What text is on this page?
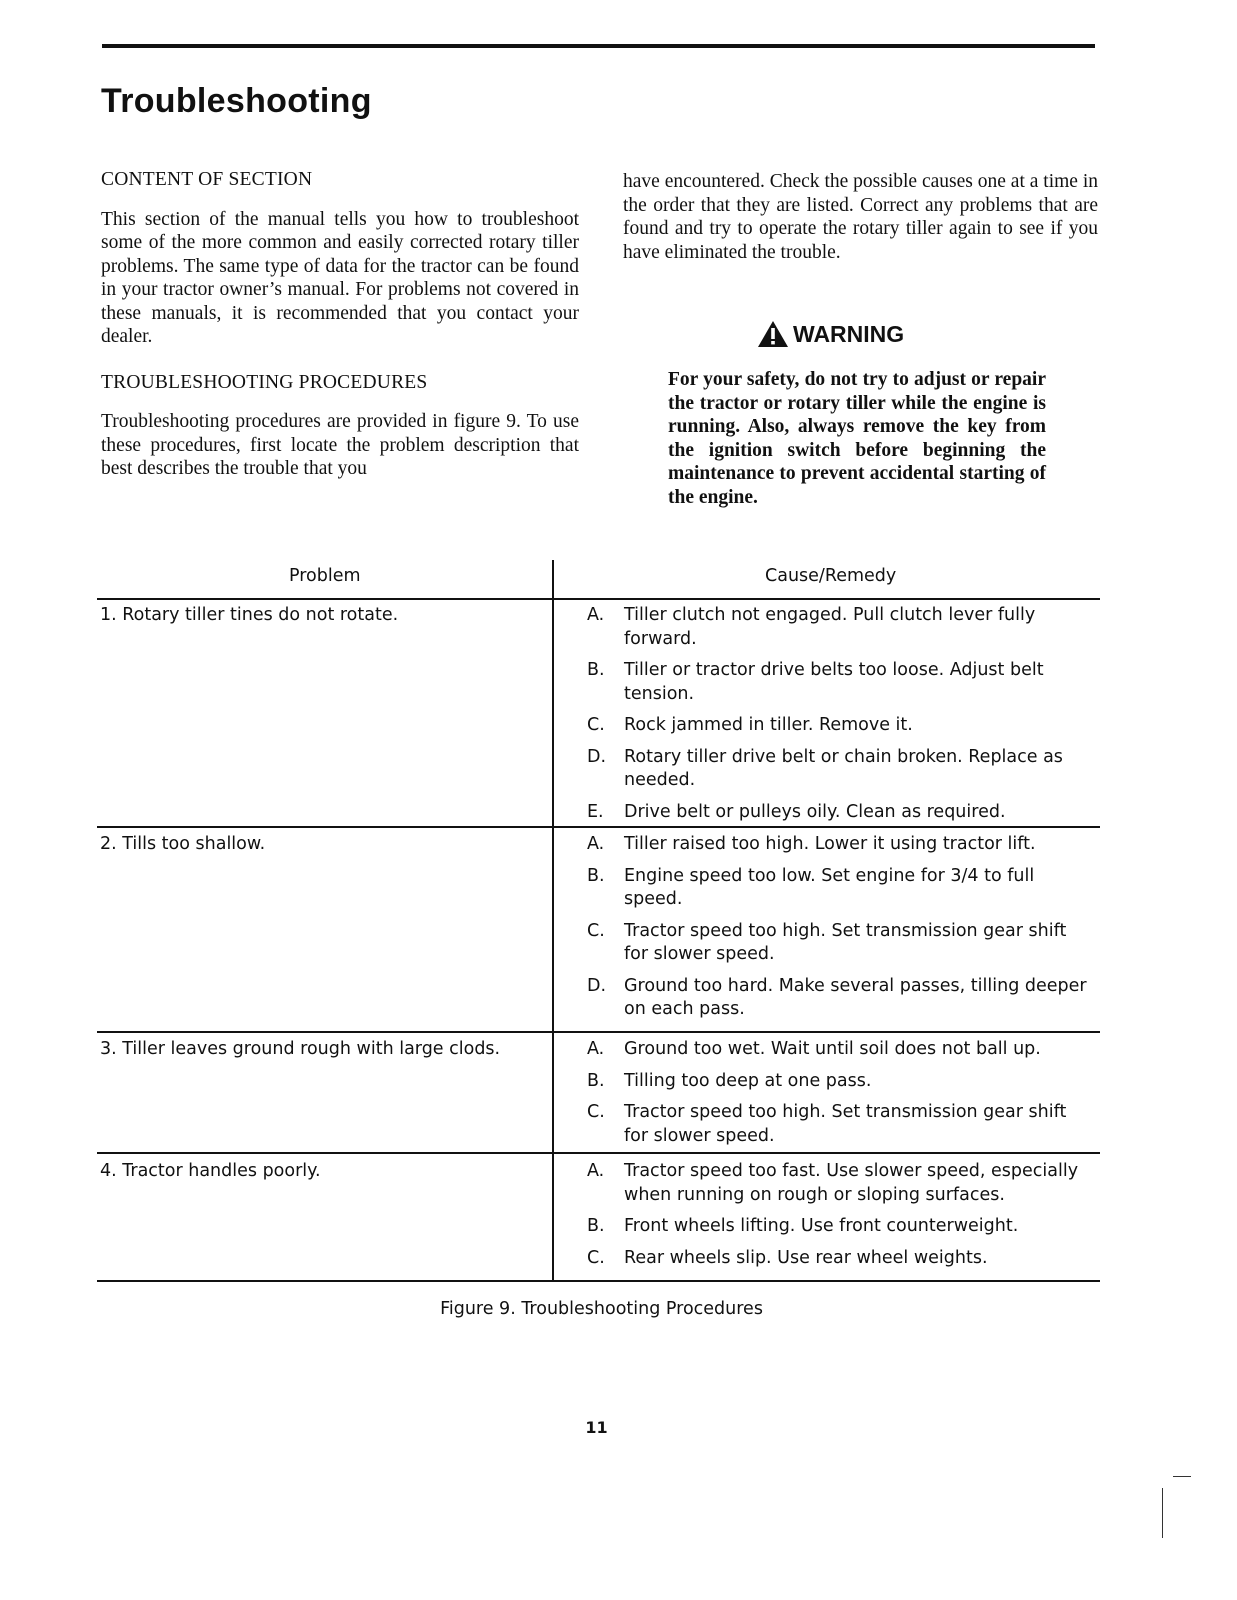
Troubleshooting
CONTENT OF SECTION

This section of the manual tells you how to troubleshoot some of the more common and easily corrected rotary tiller problems. The same type of data for the tractor can be found in your tractor owner’s manual. For problems not covered in these manuals, it is recommended that you contact your dealer.

TROUBLESHOOTING PROCEDURES

Troubleshooting procedures are provided in figure 9. To use these procedures, first locate the problem description that best describes the trouble that you

have encountered. Check the possible causes one at a time in the order that they are listed. Correct any problems that are found and try to operate the rotary tiller again to see if you have eliminated the trouble.

WARNING

For your safety, do not try to adjust or repair the tractor or rotary tiller while the engine is running. Also, always remove the key from the ignition switch before beginning the maintenance to prevent accidental starting of the engine.

Problem	Cause/Remedy
1. Rotary tiller tines do not rotate.	A. Tiller clutch not engaged. Pull clutch lever fully forward.
B. Tiller or tractor drive belts too loose. Adjust belt tension.
C. Rock jammed in tiller. Remove it.
D. Rotary tiller drive belt or chain broken. Replace as needed.
E. Drive belt or pulleys oily. Clean as required.
2. Tills too shallow.	A. Tiller raised too high. Lower it using tractor lift.
B. Engine speed too low. Set engine for 3/4 to full speed.
C. Tractor speed too high. Set transmission gear shift for slower speed.
D. Ground too hard. Make several passes, tilling deeper on each pass.
3. Tiller leaves ground rough with large clods.	A. Ground too wet. Wait until soil does not ball up.
B. Tilling too deep at one pass.
C. Tractor speed too high. Set transmission gear shift for slower speed.
4. Tractor handles poorly.	A. Tractor speed too fast. Use slower speed, especially when running on rough or sloping surfaces.
B. Front wheels lifting. Use front counterweight.
C. Rear wheels slip. Use rear wheel weights.
Figure 9. Troubleshooting Procedures
11
